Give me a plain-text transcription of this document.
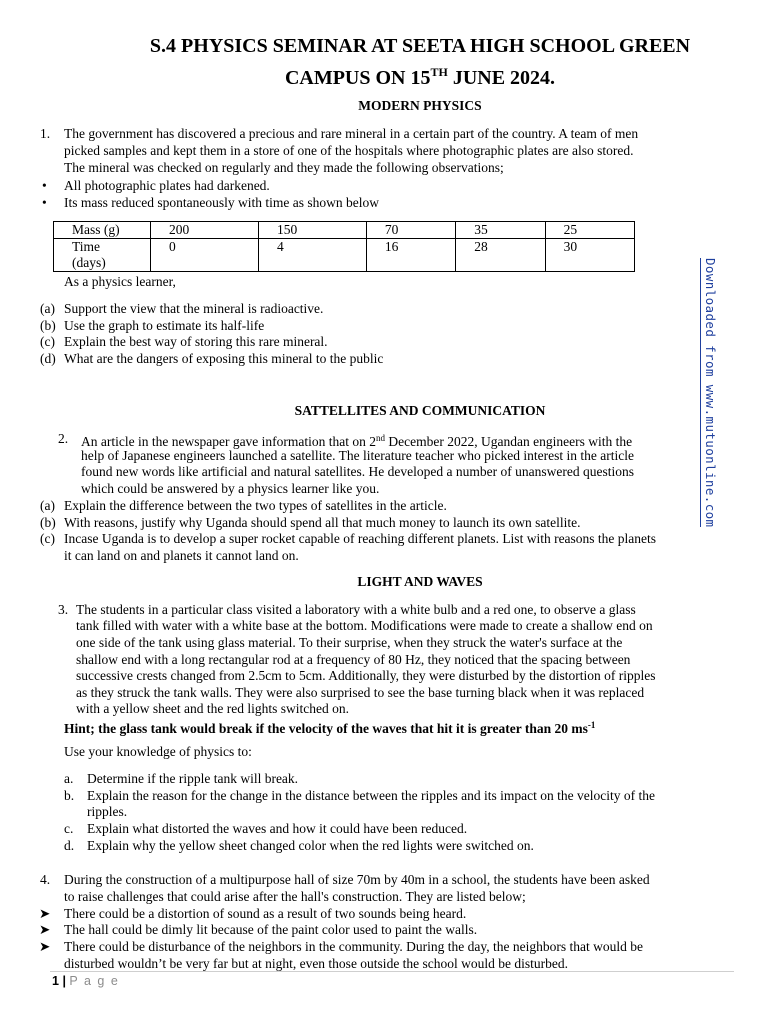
S.4 PHYSICS SEMINAR AT SEETA HIGH SCHOOL GREEN
CAMPUS ON 15TH JUNE 2024.
MODERN PHYSICS
1. The government has discovered a precious and rare mineral in a certain part of the country. A team of men
picked samples and kept them in a store of one of the hospitals where photographic plates are also stored.
The mineral was checked on regularly and they made the following observations;
• All photographic plates had darkened.
• Its mass reduced spontaneously with time as shown below
Mass (g)	200	150	70	35	25

Time
(days)	0	4	16	28	30
As a physics learner,
(a) Support the view that the mineral is radioactive.
(b) Use the graph to estimate its half-life
(c) Explain the best way of storing this rare mineral.
(d) What are the dangers of exposing this mineral to the public
SATTELLITES AND COMMUNICATION
2. An article in the newspaper gave information that on 2nd December 2022, Ugandan engineers with the
help of Japanese engineers launched a satellite. The literature teacher who picked interest in the article
found new words like artificial and natural satellites. He developed a number of unanswered questions
which could be answered by a physics learner like you.
(a) Explain the difference between the two types of satellites in the article.
(b) With reasons, justify why Uganda should spend all that much money to launch its own satellite.
(c) Incase Uganda is to develop a super rocket capable of reaching different planets. List with reasons the planets
it can land on and planets it cannot land on.
LIGHT AND WAVES
3. The students in a particular class visited a laboratory with a white bulb and a red one, to observe a glass
tank filled with water with a white base at the bottom. Modifications were made to create a shallow end on
one side of the tank using glass material. To their surprise, when they struck the water's surface at the
shallow end with a long rectangular rod at a frequency of 80 Hz, they noticed that the spacing between
successive crests changed from 2.5cm to 5cm. Additionally, they were disturbed by the distortion of ripples
as they struck the tank walls. They were also surprised to see the base turning black when it was replaced
with a yellow sheet and the red lights switched on.
Hint; the glass tank would break if the velocity of the waves that hit it is greater than 20 $ms^{-1}$
Use your knowledge of physics to:
a. Determine if the ripple tank will break.
b. Explain the reason for the change in the distance between the ripples and its impact on the velocity of the
ripples.
c. Explain what distorted the waves and how it could have been reduced.
d. Explain why the yellow sheet changed color when the red lights were switched on.
4. During the construction of a multipurpose hall of size 70m by 40m in a school, the students have been asked
to raise challenges that could arise after the hall's construction. They are listed below;
➤ There could be a distortion of sound as a result of two sounds being heard.
➤ The hall could be dimly lit because of the paint color used to paint the walls.
➤ There could be disturbance of the neighbors in the community. During the day, the neighbors that would be
disturbed wouldn’t be very far but at night, even those outside the school would be disturbed.
Downloaded from www.mutuonline.com
1 | P a g e
